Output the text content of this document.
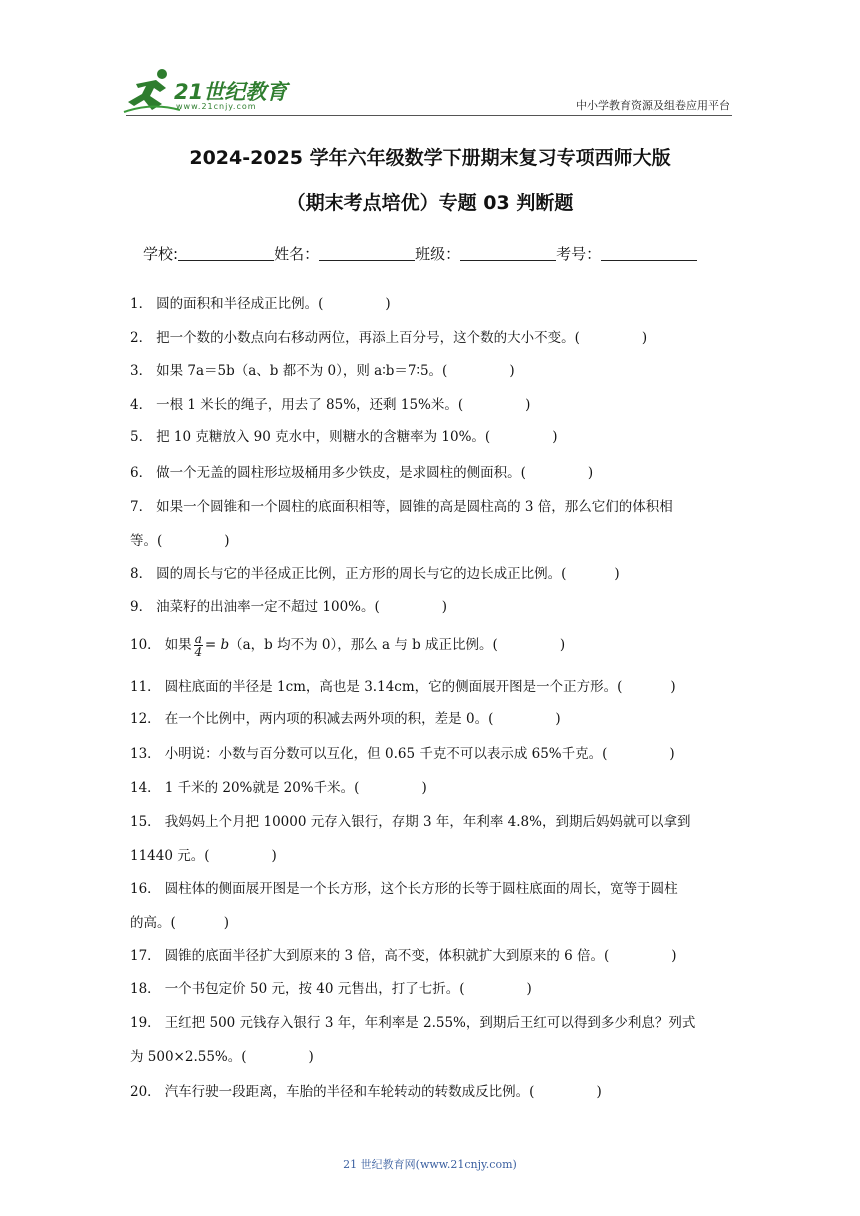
21世纪教育
www.21cnjy.com	中小学教育资源及组卷应用平台
2024-2025 学年六年级数学下册期末复习专项西师大版
（期末考点培优）专题 03 判断题
学校:	姓名：	班级：	考号：
1． 圆的面积和半径成正比例。(	)
2． 把一个数的小数点向右移动两位，再添上百分号，这个数的大小不变。(	)
3． 如果 7a＝5b（a、b 都不为 0），则 a∶b＝7∶5。(	)
4． 一根 1 米长的绳子，用去了 85%，还剩 15%米。(	)
5． 把 10 克糖放入 90 克水中，则糖水的含糖率为 10%。(	)
6． 做一个无盖的圆柱形垃圾桶用多少铁皮，是求圆柱的侧面积。(	)
7． 如果一个圆锥和一个圆柱的底面积相等，圆锥的高是圆柱高的 3 倍，那么它们的体积相
等。(	)
8． 圆的周长与它的半径成正比例，正方形的周长与它的边长成正比例。(	)
9． 油菜籽的出油率一定不超过 100%。(	)
10． 如果 $\frac{a}{4} = b(a$，b 均不为 0），那么 a 与 b 成正比例。(	)
11． 圆柱底面的半径是 1cm，高也是 3.14cm，它的侧面展开图是一个正方形。(	)
12． 在一个比例中，两内项的积减去两外项的积，差是 0。(	)
13． 小明说：小数与百分数可以互化，但 0.65 千克不可以表示成 65%千克。(	)
14． 1 千米的 20%就是 20%千米。(	)
15． 我妈妈上个月把 10000 元存入银行，存期 3 年，年利率 4.8%，到期后妈妈就可以拿到
11440 元。(	)
16． 圆柱体的侧面展开图是一个长方形，这个长方形的长等于圆柱底面的周长，宽等于圆柱
的高。(	)
17． 圆锥的底面半径扩大到原来的 3 倍，高不变，体积就扩大到原来的 6 倍。(	)
18． 一个书包定价 50 元，按 40 元售出，打了七折。(	)
19． 王红把 500 元钱存入银行 3 年，年利率是 2.55%，到期后王红可以得到多少利息？列式
为 500×2.55%。(	)
20． 汽车行驶一段距离，车胎的半径和车轮转动的转数成反比例。(	)
21 世纪教育网(www.21cnjy.com)
